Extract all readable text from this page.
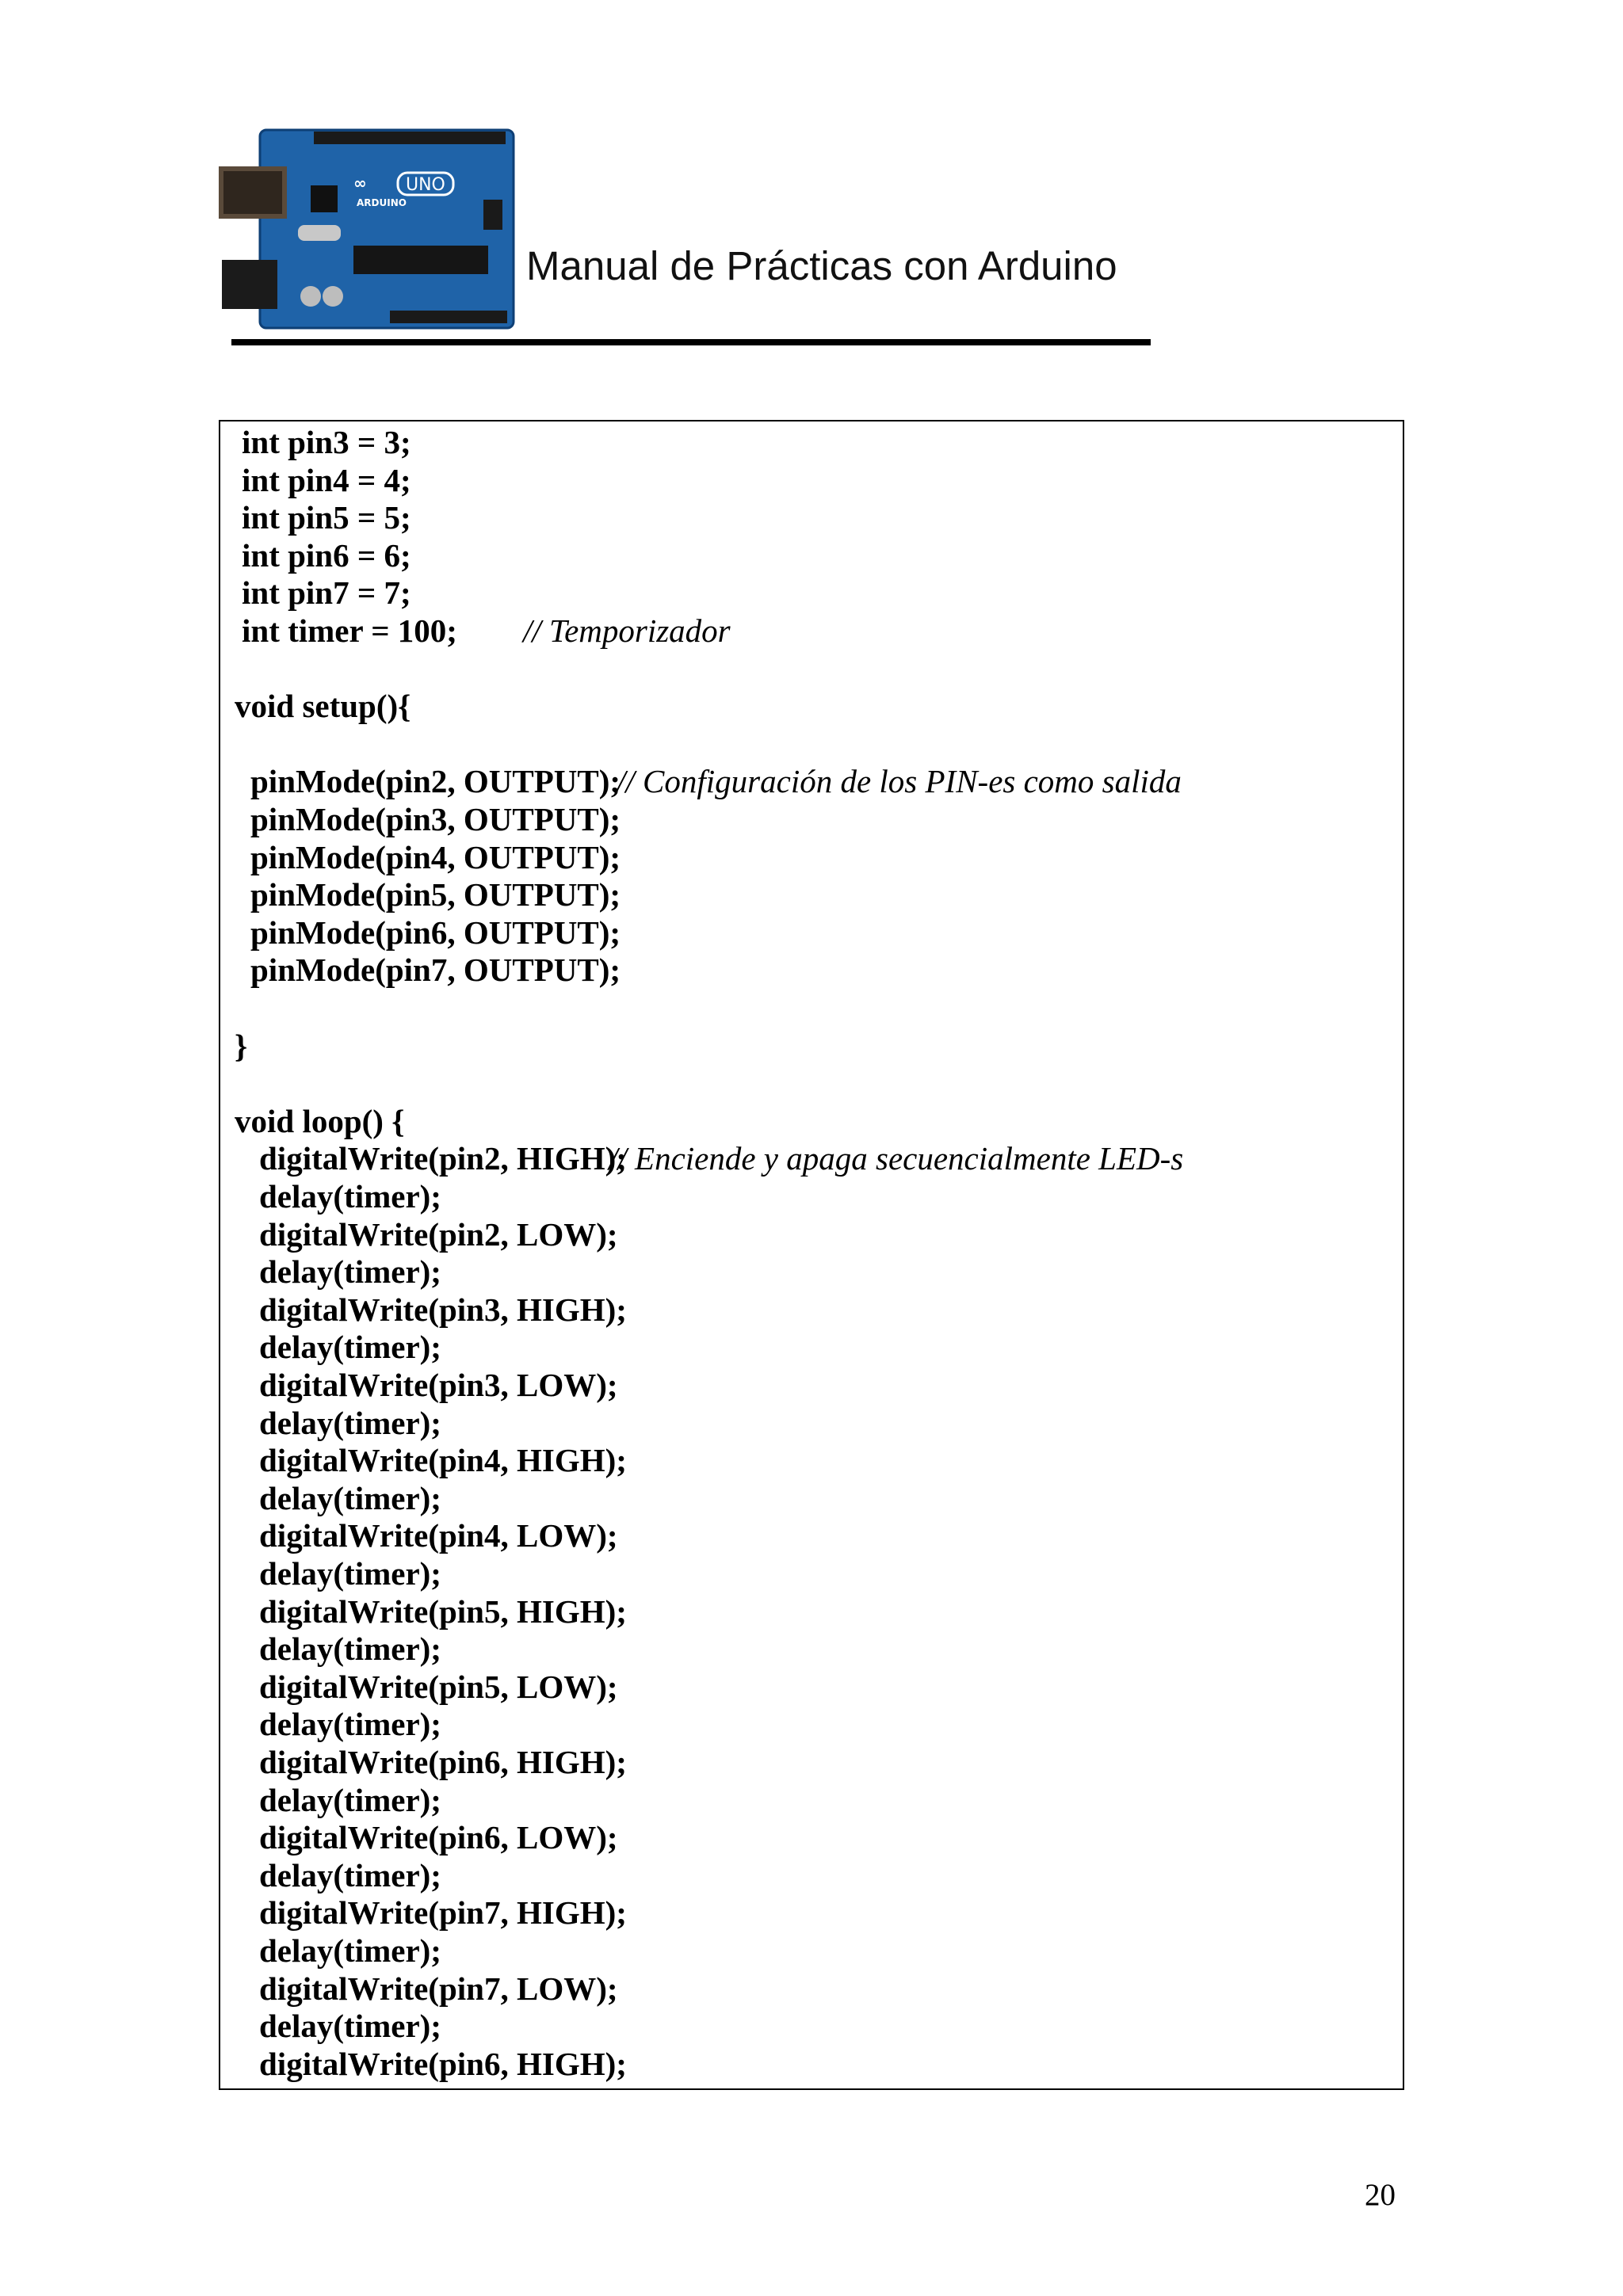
∞ UNO
ARDUINO
Manual de Prácticas con Arduino
int pin3 = 3;
int pin4 = 4;
int pin5 = 5;
int pin6 = 6;
int pin7 = 7;
int timer = 100; // Temporizador
void setup(){
pinMode(pin2, OUTPUT);
// Configuración de los PIN-es como salida
pinMode(pin3, OUTPUT);
pinMode(pin4, OUTPUT);
pinMode(pin5, OUTPUT);
pinMode(pin6, OUTPUT);
pinMode(pin7, OUTPUT);
}
void loop() {
digitalWrite(pin2, HIGH);
// Enciende y apaga secuencialmente LED-s
delay(timer);
digitalWrite(pin2, LOW);
delay(timer);
digitalWrite(pin3, HIGH);
delay(timer);
digitalWrite(pin3, LOW);
delay(timer);
digitalWrite(pin4, HIGH);
delay(timer);
digitalWrite(pin4, LOW);
delay(timer);
digitalWrite(pin5, HIGH);
delay(timer);
digitalWrite(pin5, LOW);
delay(timer);
digitalWrite(pin6, HIGH);
delay(timer);
digitalWrite(pin6, LOW);
delay(timer);
digitalWrite(pin7, HIGH);
delay(timer);
digitalWrite(pin7, LOW);
delay(timer);
digitalWrite(pin6, HIGH);
20
